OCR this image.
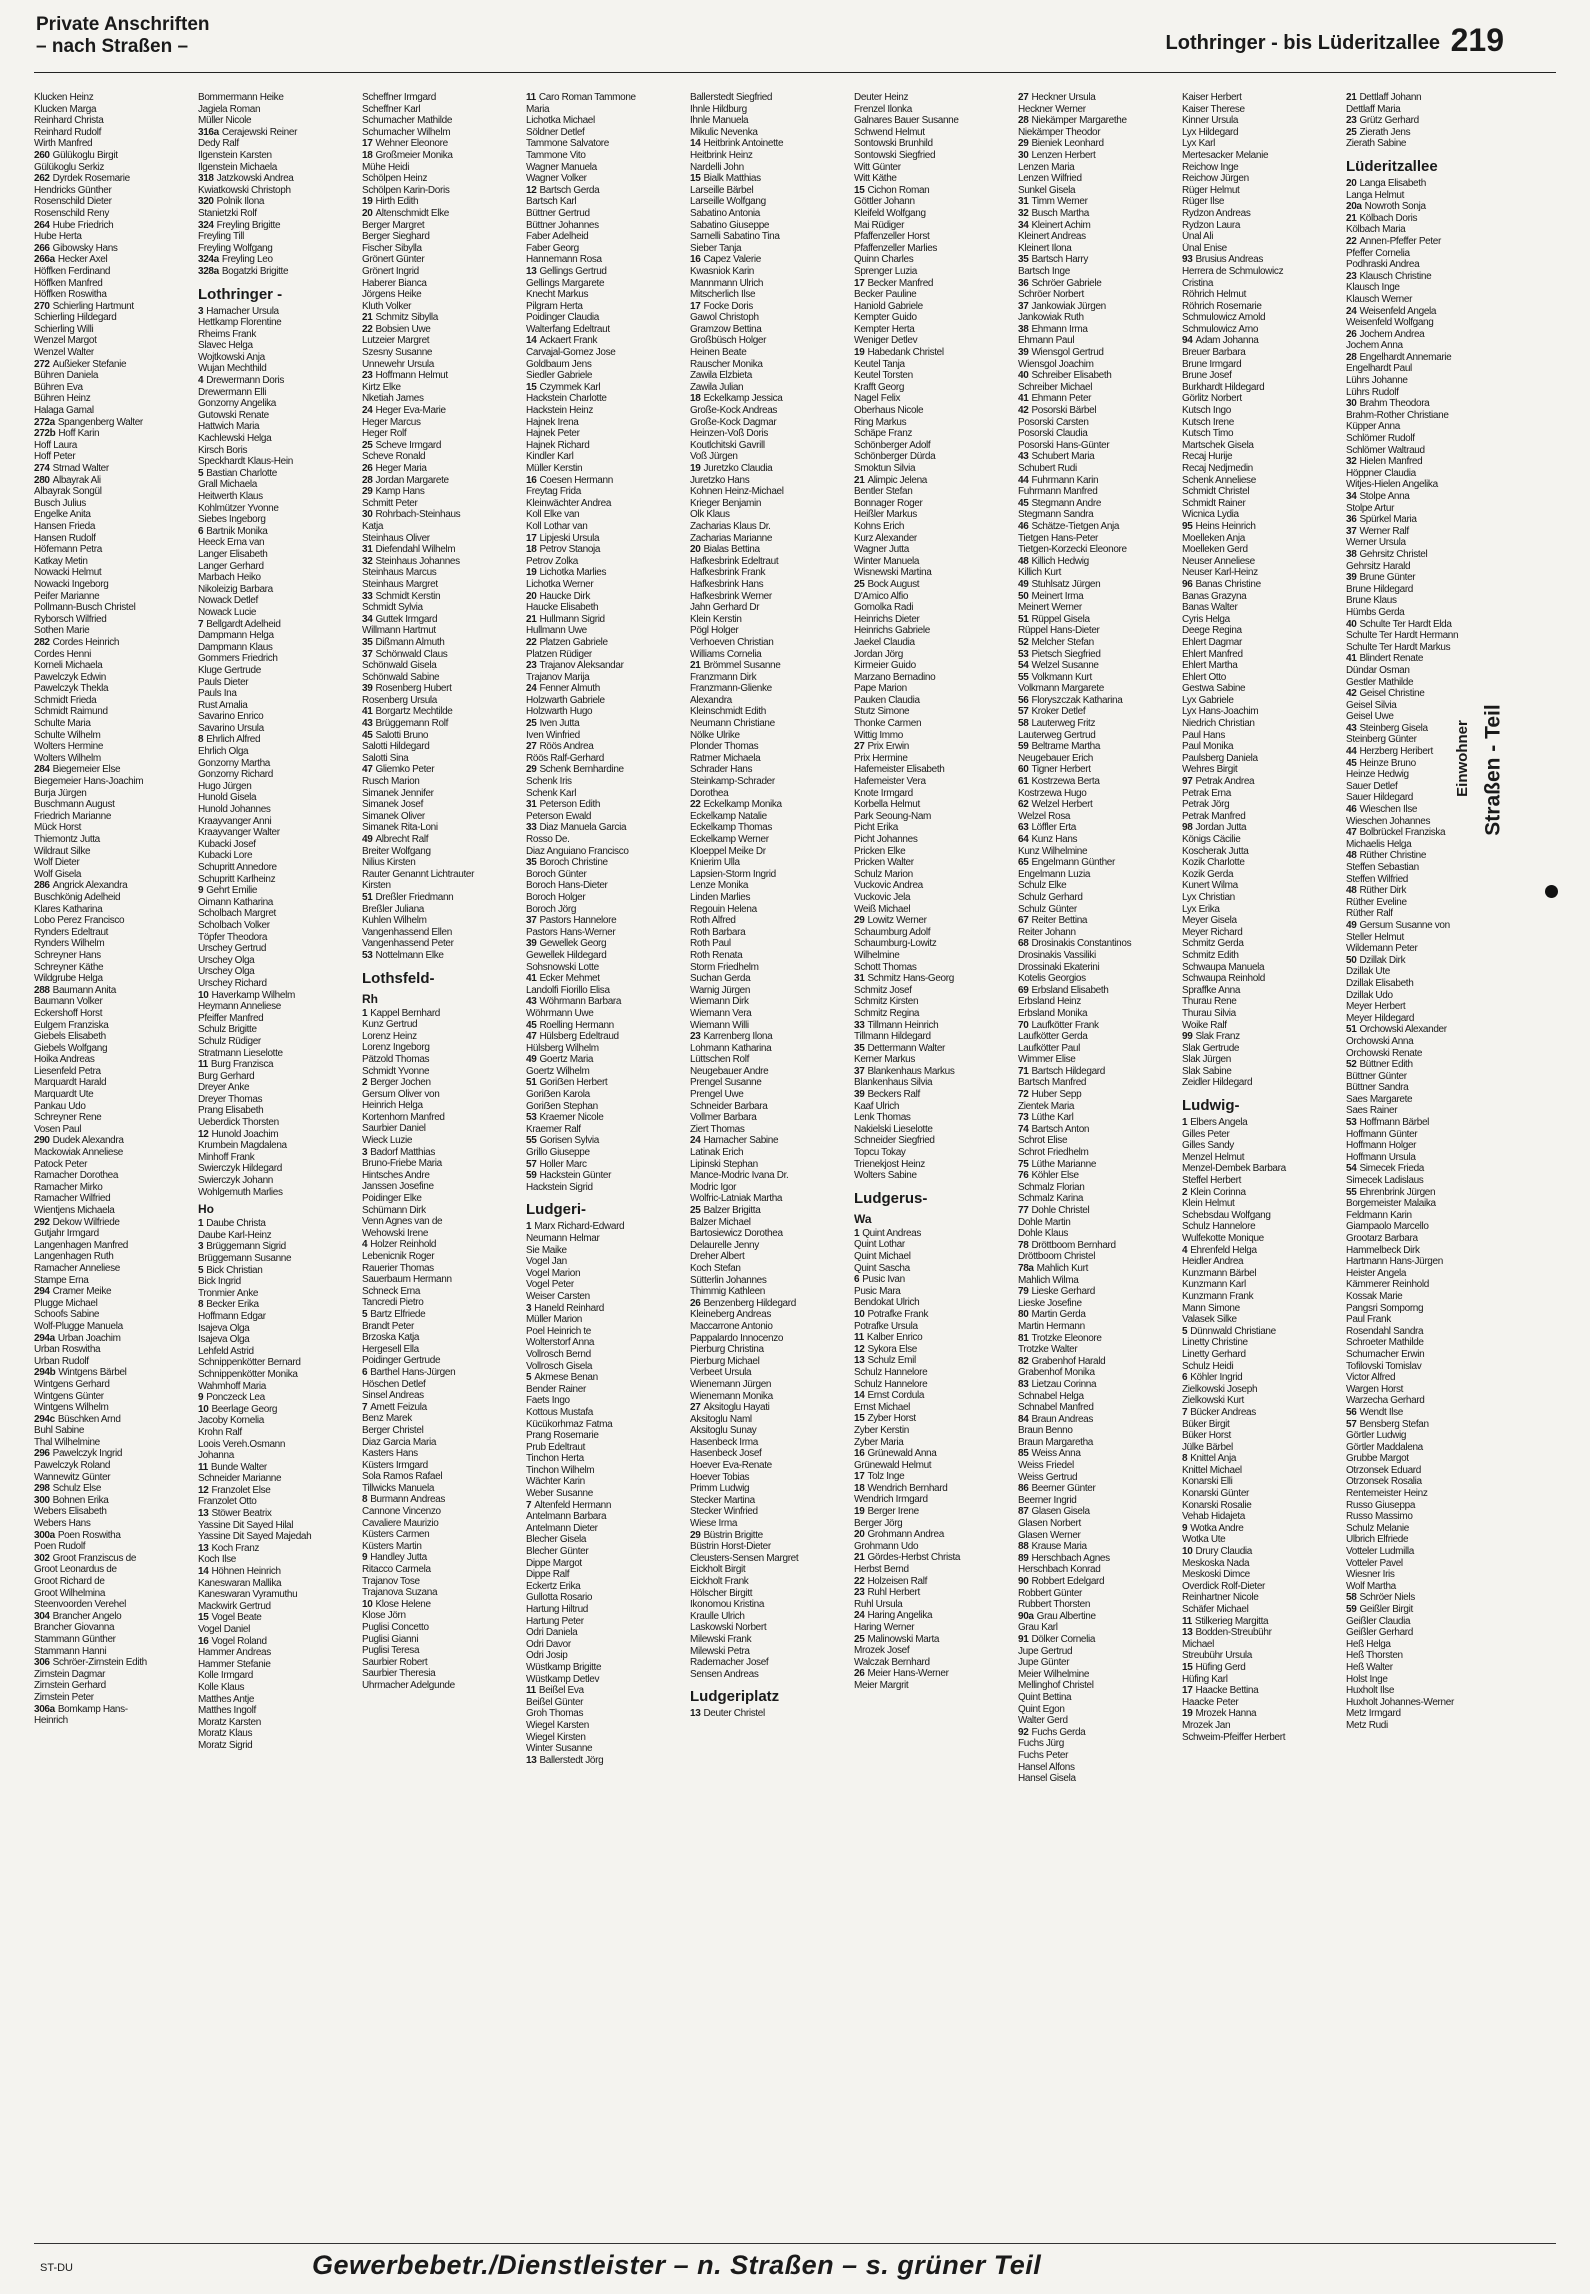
Private Anschriften
– nach Straßen –	Lothringer - bis Lüderitzallee 219
Klucken Heinz
Klucken Marga
Reinhard Christa
Reinhard Rudolf
Wirth Manfred
260 Gülükoglu Birgit
Gülükoglu Serkiz
262 Dyrdek Rosemarie
Hendricks Günther
Rosenschild Dieter
Rosenschild Reny
264 Hube Friedrich
Hube Herta
266 Gibowsky Hans
266a Hecker Axel
Höffken Ferdinand
Höffken Manfred
Höffken Roswitha
270 Schierling Hartmunt
Schierling Hildegard
Schierling Willi
Wenzel Margot
Wenzel Walter
272 Außieker Stefanie
Bühren Daniela
Bühren Eva
Bühren Heinz
Halaga Gamal
272a Spangenberg Walter
272b Hoff Karin
Hoff Laura
Hoff Peter
274 Strnad Walter
280 Albayrak Ali
Albayrak Songül
Busch Julius
Engelke Anita
Hansen Frieda
Hansen Rudolf
Höfemann Petra
Katkay Metin
Nowacki Helmut
Nowacki Ingeborg
Peifer Marianne
Pollmann-Busch Christel
Ryborsch Wilfried
Sothen Marie
282 Cordes Heinrich
Cordes Henni
Korneli Michaela
Pawelczyk Edwin
Pawelczyk Thekla
Schmidt Frieda
Schmidt Raimund
Schulte Maria
Schulte Wilhelm
Wolters Hermine
Wolters Wilhelm
284 Biegemeier Else
Biegemeier Hans-Joachim
Burja Jürgen
Buschmann August
Friedrich Marianne
Mück Horst
Thiemontz Jutta
Wildraut Silke
Wolf Dieter
Wolf Gisela
286 Angrick Alexandra
Buschkönig Adelheid
Klares Katharina
Lobo Perez Francisco
Rynders Edeltraut
Rynders Wilhelm
Schreyner Hans
Schreyner Käthe
Wildgrube Helga
288 Baumann Anita
Baumann Volker
Eckershoff Horst
Eulgem Franziska
Giebels Elisabeth
Giebels Wolfgang
Hoika Andreas
Liesenfeld Petra
Marquardt Harald
Marquardt Ute
Pankau Udo
Schreyner Rene
Vosen Paul
290 Dudek Alexandra
Mackowiak Anneliese
Patock Peter
Ramacher Dorothea
Ramacher Mirko
Ramacher Wilfried
Wientjens Michaela
292 Dekow Wilfriede
Gutjahr Irmgard
Langenhagen Manfred
Langenhagen Ruth
Ramacher Anneliese
Stampe Erna
294 Cramer Meike
Plugge Michael
Schoofs Sabine
Wolf-Plugge Manuela
294a Urban Joachim
Urban Roswitha
Urban Rudolf
294b Wintgens Bärbel
Wintgens Gerhard
Wintgens Günter
Wintgens Wilhelm
294c Büschken Arnd
Buhl Sabine
Thal Wilhelmine
296 Pawelczyk Ingrid
Pawelczyk Roland
Wannewitz Günter
298 Schulz Else
300 Bohnen Erika
Webers Elisabeth
Webers Hans
300a Poen Roswitha
Poen Rudolf
302 Groot Franziscus de
Groot Leonardus de
Groot Richard de
Groot Wilhelmina
Steenvoorden Verehel
304 Brancher Angelo
Brancher Giovanna
Stammann Günther
Stammann Hanni
306 Schröer-Zirnstein Edith
Zirnstein Dagmar
Zirnstein Gerhard
Zirnstein Peter
306a Bomkamp Hans-
Heinrich
Bommermann Heike
Jagiela Roman
Müller Nicole
316a Cerajewski Reiner
Dedy Ralf
Ilgenstein Karsten
Ilgenstein Michaela
318 Jatzkowski Andrea
Kwiatkowski Christoph
320 Polnik Ilona
Stanietzki Rolf
324 Freyling Brigitte
Freyling Till
Freyling Wolfgang
324a Freyling Leo
328a Bogatzki Brigitte
Lothringer -
3 Hamacher Ursula
Hettkamp Florentine
Rheims Frank
Slavec Helga
Wojtkowski Anja
Wujan Mechthild
4 Drewermann Doris
Drewermann Elli
Gonzorny Angelika
Gutowski Renate
Hattwich Maria
Kachlewski Helga
Kirsch Boris
Speckhardt Klaus-Hein
5 Bastian Charlotte
Grall Michaela
Heitwerth Klaus
Kohlmützer Yvonne
Siebes Ingeborg
6 Bartnik Monika
Heeck Erna van
Langer Elisabeth
Langer Gerhard
Marbach Heiko
Nikoleizig Barbara
Nowack Detlef
Nowack Lucie
7 Bellgardt Adelheid
Dampmann Helga
Dampmann Klaus
Gommers Friedrich
Kluge Gertrude
Pauls Dieter
Pauls Ina
Rust Amalia
Savarino Enrico
Savarino Ursula
8 Ehrlich Alfred
Ehrlich Olga
Gonzorny Martha
Gonzorny Richard
Hugo Jürgen
Hunold Gisela
Hunold Johannes
Kraayvanger Anni
Kraayvanger Walter
Kubacki Josef
Kubacki Lore
Schupritt Annedore
Schupritt Karlheinz
9 Gehrt Emilie
Oimann Katharina
Scholbach Margret
Scholbach Volker
Töpfer Theodora
Urschey Gertrud
Urschey Olga
Urschey Olga
Urschey Richard
10 Haverkamp Wilhelm
Heymann Anneliese
Pfeiffer Manfred
Schulz Brigitte
Schulz Rüdiger
Stratmann Lieselotte
11 Burg Franzisca
Burg Gerhard
Dreyer Anke
Dreyer Thomas
Prang Elisabeth
Ueberdick Thorsten
12 Hunold Joachim
Krumbein Magdalena
Minhoff Frank
Swierczyk Hildegard
Swierczyk Johann
Wohlgemuth Marlies
Ho
1 Daube Christa
Daube Karl-Heinz
3 Brüggemann Sigrid
Brüggemann Susanne
5 Bick Christian
Bick Ingrid
Tronmier Anke
8 Becker Erika
Hoffmann Edgar
Isajeva Olga
Isajeva Olga
Lehfeld Astrid
Schnippenkötter Bernard
Schnippenkötter Monika
Wahmhoff Maria
9 Ponczeck Lea
10 Beerlage Georg
Jacoby Kornelia
Krohn Ralf
Loois Vereh.Osmann
Johanna
11 Bunde Walter
Schneider Marianne
12 Franzolet Else
Franzolet Otto
13 Stöwer Beatrix
Yassine Dit Sayed Hilal
Yassine Dit Sayed Majedah
13 Koch Franz
Koch Ilse
14 Höhnen Heinrich
Kaneswaran Mallika
Kaneswaran Vyramuthu
Mackwirk Gertrud
15 Vogel Beate
Vogel Daniel
16 Vogel Roland
Hammer Andreas
Hammer Stefanie
Kolle Irmgard
Kolle Klaus
Matthes Antje
Matthes Ingolf
Moratz Karsten
Moratz Klaus
Moratz Sigrid
Scheffner Irmgard
Scheffner Karl
Schumacher Mathilde
Schumacher Wilhelm
17 Wehner Eleonore
18 Großmeier Monika
Mühe Heidi
Schölpen Heinz
Schölpen Karin-Doris
19 Hirth Edith
20 Altenschmidt Elke
Berger Margret
Berger Sieghard
Fischer Sibylla
Grönert Günter
Grönert Ingrid
Haberer Bianca
Jörgens Heike
Kluth Volker
21 Schmitz Sibylla
22 Bobsien Uwe
Lutzeier Margret
Szesny Susanne
Unnewehr Ursula
23 Hoffmann Helmut
Kirtz Elke
Nketiah James
24 Heger Eva-Marie
Heger Marcus
Heger Rolf
25 Scheve Irmgard
Scheve Ronald
26 Heger Maria
28 Jordan Margarete
29 Kamp Hans
Schmitt Peter
30 Rohrbach-Steinhaus
Katja
Steinhaus Oliver
31 Diefendahl Wilhelm
32 Steinhaus Johannes
Steinhaus Marcus
Steinhaus Margret
33 Schmidt Kerstin
Schmidt Sylvia
34 Guttek Irmgard
Willmann Hartmut
35 Dißmann Almuth
37 Schönwald Claus
Schönwald Gisela
Schönwald Sabine
39 Rosenberg Hubert
Rosenberg Ursula
41 Borgartz Mechtilde
43 Brüggemann Rolf
45 Salotti Bruno
Salotti Hildegard
Salotti Sina
47 Gliemko Peter
Rusch Marion
Simanek Jennifer
Simanek Josef
Simanek Oliver
Simanek Rita-Loni
49 Albrecht Ralf
Breiter Wolfgang
Nilius Kirsten
Rauter Genannt Lichtrauter
Kirsten
51 Dreßler Friedmann
Breßler Juliana
Kuhlen Wilhelm
Vangenhassend Ellen
Vangenhassend Peter
53 Nottelmann Elke
Lothsfeld-
Rh
1 Kappel Bernhard
Kunz Gertrud
Lorenz Heinz
Lorenz Ingeborg
Pätzold Thomas
Schmidt Yvonne
2 Berger Jochen
Gersum Oliver von
Heinrich Helga
Kortenhorn Manfred
Saurbier Daniel
Wieck Luzie
3 Badorf Matthias
Bruno-Friebe Maria
Hintsches Andre
Janssen Josefine
Poidinger Elke
Schümann Dirk
Venn Agnes van de
Wehowski Irene
4 Holzer Reinhold
Lebenicnik Roger
Rauerier Thomas
Sauerbaum Hermann
Schneck Erna
Tancredi Pietro
5 Bartz Elfriede
Brandt Peter
Brzoska Katja
Hergesell Ella
Poidinger Gertrude
6 Barthel Hans-Jürgen
Höschen Detlef
Sinsel Andreas
7 Amett Feizula
Benz Marek
Berger Christel
Diaz Garcia Maria
Kasters Hans
Küsters Irmgard
Sola Ramos Rafael
Tillwicks Manuela
8 Burmann Andreas
Cannone Vincenzo
Cavaliere Maurizio
Küsters Carmen
Küsters Martin
9 Handley Jutta
Ritacco Carmela
Trajanov Tose
Trajanova Suzana
10 Klose Helene
Klose Jörn
Puglisi Concetto
Puglisi Gianni
Puglisi Teresa
Saurbier Robert
Saurbier Theresia
Uhrmacher Adelgunde
11 Caro Roman Tammone
Maria
Lichotka Michael
Söldner Detlef
Tammone Salvatore
Tammone Vito
Wagner Manuela
Wagner Volker
12 Bartsch Gerda
Bartsch Karl
Büttner Gertrud
Büttner Johannes
Faber Adelheid
Faber Georg
Hannemann Rosa
13 Gellings Gertrud
Gellings Margarete
Knecht Markus
Pilgram Herta
Poidinger Claudia
Walterfang Edeltraut
14 Ackaert Frank
Carvajal-Gomez Jose
Goldbaum Jens
Siedler Gabriele
15 Czymmek Karl
Hackstein Charlotte
Hackstein Heinz
Hajnek Irena
Hajnek Peter
Hajnek Richard
Kindler Karl
Müller Kerstin
16 Coesen Hermann
Freytag Frida
Kleinwächter Andrea
Koll Elke van
Koll Lothar van
17 Lipjeski Ursula
18 Petrov Stanoja
Petrov Zolka
19 Lichotka Marlies
Lichotka Werner
20 Haucke Dirk
Haucke Elisabeth
21 Hullmann Sigrid
Hullmann Uwe
22 Platzen Gabriele
Platzen Rüdiger
23 Trajanov Aleksandar
Trajanov Marija
24 Fenner Almuth
Holzwarth Gabriele
Holzwarth Hugo
25 Iven Jutta
Iven Winfried
27 Röös Andrea
Röös Ralf-Gerhard
29 Schenk Bernhardine
Schenk Iris
Schenk Karl
31 Peterson Edith
Peterson Ewald
33 Diaz Manuela Garcia
Rosso De.
Diaz Anguiano Francisco
35 Boroch Christine
Boroch Günter
Boroch Hans-Dieter
Boroch Holger
Boroch Jörg
37 Pastors Hannelore
Pastors Hans-Werner
39 Gewellek Georg
Gewellek Hildegard
Sohsnowski Lotte
41 Ecker Mehmet
Landolfi Fiorillo Elisa
43 Wöhrmann Barbara
Wöhrmann Uwe
45 Roelling Hermann
47 Hülsberg Edeltraud
Hülsberg Wilhelm
49 Goertz Maria
Goertz Wilhelm
51 Goriẞen Herbert
Goriẞen Karola
Goriẞen Stephan
53 Kraemer Nicole
Kraemer Ralf
55 Gorisen Sylvia
Grillo Giuseppe
57 Holler Marc
59 Hackstein Günter
Hackstein Sigrid
Ludgeri-
1 Marx Richard-Edward
Neumann Helmar
Sie Maike
Vogel Jan
Vogel Marion
Vogel Peter
Weiser Carsten
3 Haneld Reinhard
Müller Marion
Poel Heinrich te
Wolterstorf Anna
Vollrosch Bernd
Vollrosch Gisela
5 Akmese Benan
Bender Rainer
Faets Ingo
Kottous Mustafa
Kücükorhmaz Fatma
Prang Rosemarie
Prub Edeltraut
Tinchon Herta
Tinchon Wilhelm
Wächter Karin
Weber Susanne
7 Altenfeld Hermann
Antelmann Barbara
Antelmann Dieter
Blecher Gisela
Blecher Günter
Dippe Margot
Dippe Ralf
Eckertz Erika
Gullotta Rosario
Hartung Hiltrud
Hartung Peter
Odri Daniela
Odri Davor
Odri Josip
Wüstkamp Brigitte
Wüstkamp Detlev
11 Beißel Eva
Beißel Günter
Groh Thomas
Wiegel Karsten
Wiegel Kirsten
Winter Susanne
13 Ballerstedt Jörg
Ballerstedt Siegfried
Ihnle Hildburg
Ihnle Manuela
Mikulic Nevenka
14 Heitbrink Antoinette
Heitbrink Heinz
Nardelli John
15 Bialk Matthias
Larseille Bärbel
Larseille Wolfgang
Sabatino Antonia
Sabatino Giuseppe
Sarnelli Sabatino Tina
Sieber Tanja
16 Capez Valerie
Kwasniok Karin
Mannmann Ulrich
Mitscherlich Ilse
17 Focke Doris
Gawol Christoph
Gramzow Bettina
Großbüsch Holger
Heinen Beate
Rauscher Monika
Zawila Elzbieta
Zawila Julian
18 Eckelkamp Jessica
Große-Kock Andreas
Große-Kock Dagmar
Heinzen-Voß Doris
Koutlchitski Gavrill
Voß Jürgen
19 Juretzko Claudia
Juretzko Hans
Kohnen Heinz-Michael
Krieger Benjamin
Olk Klaus
Zacharias Klaus Dr.
Zacharias Marianne
20 Bialas Bettina
Hafkesbrink Edeltraut
Hafkesbrink Frank
Hafkesbrink Hans
Hafkesbrink Werner
Jahn Gerhard Dr
Klein Kerstin
Pögl Holger
Verhoeven Christian
Williams Cornelia
21 Brömmel Susanne
Franzmann Dirk
Franzmann-Glienke
Alexandra
Kleinschmidt Edith
Neumann Christiane
Nölke Ulrike
Plonder Thomas
Ratmer Michaela
Schrader Hans
Steinkamp-Schrader
Dorothea
22 Eckelkamp Monika
Eckelkamp Natalie
Eckelkamp Thomas
Eckelkamp Werner
Kloeppel Meike Dr
Knierim Ulla
Lapsien-Storm Ingrid
Lenze Monika
Linden Marlies
Regouin Helena
Roth Alfred
Roth Barbara
Roth Paul
Roth Renata
Storm Friedhelm
Suchan Gerda
Warnig Jürgen
Wiemann Dirk
Wiemann Vera
Wiemann Willi
23 Karrenberg Ilona
Lohmann Katharina
Lüttschen Rolf
Neugebauer Andre
Prengel Susanne
Prengel Uwe
Schneider Barbara
Vollmer Barbara
Ziert Thomas
24 Hamacher Sabine
Latinak Erich
Lipinski Stephan
Mance-Modric Ivana Dr.
Modric Igor
Wolfric-Latniak Martha
25 Balzer Brigitta
Balzer Michael
Bartosiewicz Dorothea
Delaurelle Jenny
Dreher Albert
Koch Stefan
Sütterlin Johannes
Thimmig Kathleen
26 Benzenberg Hildegard
Kleineberg Andreas
Maccarrone Antonio
Pappalardo Innocenzo
Pierburg Christina
Pierburg Michael
Verbeet Ursula
Wienemann Jürgen
Wienemann Monika
27 Aksitoglu Hayati
Aksitoglu Naml
Aksitoglu Sunay
Hasenbeck Irma
Hasenbeck Josef
Hoever Eva-Renate
Hoever Tobias
Primm Ludwig
Stecker Martina
Stecker Winfried
Wiese Irma
29 Büstrin Brigitte
Büstrin Horst-Dieter
Cleusters-Sensen Margret
Eickholt Birgit
Eickholt Frank
Hölscher Birgitt
Ikonomou Kristina
Kraulle Ulrich
Laskowski Norbert
Milewski Frank
Milewski Petra
Rademacher Josef
Sensen Andreas
Ludgeriplatz
13 Deuter Christel
Deuter Heinz
Frenzel Ilonka
Galnares Bauer Susanne
Schwend Helmut
Sontowski Brunhild
Sontowski Siegfried
Witt Günter
Witt Käthe
15 Cichon Roman
Göttler Johann
Kleifeld Wolfgang
Mai Rüdiger
Pfaffenzeller Horst
Pfaffenzeller Marlies
Quinn Charles
Sprenger Luzia
17 Becker Manfred
Becker Pauline
Haniold Gabriele
Kempter Guido
Kempter Herta
Weniger Detlev
19 Habedank Christel
Keutel Tanja
Keutel Torsten
Krafft Georg
Nagel Felix
Oberhaus Nicole
Ring Markus
Schäpe Franz
Schönberger Adolf
Schönberger Dürda
Smoktun Silvia
21 Alimpic Jelena
Bentler Stefan
Bonnager Roger
Heißler Markus
Kohns Erich
Kurz Alexander
Wagner Jutta
Winter Manuela
Wisnewski Martina
25 Bock August
D'Amico Alfio
Gomolka Radi
Heinrichs Dieter
Heinrichs Gabriele
Jaekel Claudia
Jordan Jörg
Kirmeier Guido
Marzano Bernadino
Pape Marion
Pauken Claudia
Stutz Simone
Thonke Carmen
Wittig Immo
27 Prix Erwin
Prix Hermine
Hafemeister Elisabeth
Hafemeister Vera
Knote Irmgard
Korbella Helmut
Park Seoung-Nam
Picht Erika
Picht Johannes
Pricken Elke
Pricken Walter
Schulz Marion
Vuckovic Andrea
Vuckovic Jela
Weiß Michael
29 Lowitz Werner
Schaumburg Adolf
Schaumburg-Lowitz
Wilhelmine
Schott Thomas
31 Schmitz Hans-Georg
Schmitz Josef
Schmitz Kirsten
Schmitz Regina
33 Tillmann Heinrich
Tillmann Hildegard
35 Dettermann Walter
Kerner Markus
37 Blankenhaus Markus
Blankenhaus Silvia
39 Beckers Ralf
Kaaf Ulrich
Lenk Thomas
Nakielski Lieselotte
Schneider Siegfried
Topcu Tokay
Trienekjost Heinz
Wolters Sabine
Ludgerus-
Wa
1 Quint Andreas
Quint Lothar
Quint Michael
Quint Sascha
6 Pusic Ivan
Pusic Mara
Bendokat Ulrich
10 Potrafke Frank
Potrafke Ursula
11 Kalber Enrico
12 Sykora Else
13 Schulz Emil
Schulz Hannelore
Schulz Hannelore
14 Ernst Cordula
Ernst Michael
15 Zyber Horst
Zyber Kerstin
Zyber Maria
16 Grünewald Anna
Grünewald Helmut
17 Tolz Inge
18 Wendrich Bernhard
Wendrich Irmgard
19 Berger Irene
Berger Jörg
20 Grohmann Andrea
Grohmann Udo
21 Gördes-Herbst Christa
Herbst Bernd
22 Holzeisen Ralf
23 Ruhl Herbert
Ruhl Ursula
24 Haring Angelika
Haring Werner
25 Malinowski Marta
Mrozek Josef
Walczak Bernhard
26 Meier Hans-Werner
Meier Margrit
27 Heckner Ursula
Heckner Werner
28 Niekämper Margarethe
Niekämper Theodor
29 Bieniek Leonhard
30 Lenzen Herbert
Lenzen Maria
Lenzen Wilfried
Sunkel Gisela
31 Timm Werner
32 Busch Martha
34 Kleinert Achim
Kleinert Andreas
Kleinert Ilona
35 Bartsch Harry
Bartsch Inge
36 Schröer Gabriele
Schröer Norbert
37 Jankowiak Jürgen
Jankowiak Ruth
38 Ehmann Irma
Ehmann Paul
39 Wiensgol Gertrud
Wiensgol Joachim
40 Schreiber Elisabeth
Schreiber Michael
41 Ehmann Peter
42 Posorski Bärbel
Posorski Carsten
Posorski Claudia
Posorski Hans-Günter
43 Schubert Maria
Schubert Rudi
44 Fuhrmann Karin
Fuhrmann Manfred
45 Stegmann Andre
Stegmann Sandra
46 Schätze-Tietgen Anja
Tietgen Hans-Peter
Tietgen-Korzecki Eleonore
48 Killich Hedwig
Killich Kurt
49 Stuhlsatz Jürgen
50 Meinert Irma
Meinert Werner
51 Rüppel Gisela
Rüppel Hans-Dieter
52 Melcher Stefan
53 Pietsch Siegfried
54 Welzel Susanne
55 Volkmann Kurt
Volkmann Margarete
56 Floryszczak Katharina
57 Kroker Detlef
58 Lauterweg Fritz
Lauterweg Gertrud
59 Beltrame Martha
Neugebauer Erich
60 Tigner Herbert
61 Kostrzewa Berta
Kostrzewa Hugo
62 Welzel Herbert
Welzel Rosa
63 Löffler Erta
64 Kunz Hans
Kunz Wilhelmine
65 Engelmann Günther
Engelmann Luzia
Schulz Elke
Schulz Gerhard
Schulz Günter
67 Reiter Bettina
Reiter Johann
68 Drosinakis Constantinos
Drosinakis Vassiliki
Drossinaki Ekaterini
Kotelis Georgios
69 Erbsland Elisabeth
Erbsland Heinz
Erbsland Monika
70 Laufkötter Frank
Laufkötter Gerda
Laufkötter Paul
Wimmer Elise
71 Bartsch Hildegard
Bartsch Manfred
72 Huber Sepp
Zientek Maria
73 Lüthe Karl
74 Bartsch Anton
Schrot Elise
Schrot Friedhelm
75 Lüthe Marianne
76 Köhler Else
Schmalz Florian
Schmalz Karina
77 Dohle Christel
Dohle Martin
Dohle Klaus
78 Dröttboom Bernhard
Dröttboom Christel
78a Mahlich Kurt
Mahlich Wilma
79 Lieske Gerhard
Lieske Josefine
80 Martin Gerda
Martin Hermann
81 Trotzke Eleonore
Trotzke Walter
82 Grabenhof Harald
Grabenhof Monika
83 Lietzau Corinna
Schnabel Helga
Schnabel Manfred
84 Braun Andreas
Braun Benno
Braun Margaretha
85 Weiss Anna
Weiss Friedel
Weiss Gertrud
86 Beerner Günter
Beerner Ingrid
87 Glasen Gisela
Glasen Norbert
Glasen Werner
88 Krause Maria
89 Herschbach Agnes
Herschbach Konrad
90 Robbert Edelgard
Robbert Günter
Rubbert Thorsten
90a Grau Albertine
Grau Karl
91 Dölker Cornelia
Jupe Gertrud
Jupe Günter
Meier Wilhelmine
Mellinghof Christel
Quint Bettina
Quint Egon
Walter Gerd
92 Fuchs Gerda
Fuchs Jürg
Fuchs Peter
Hansel Alfons
Hansel Gisela
Kaiser Herbert
Kaiser Therese
Kinner Ursula
Lyx Hildegard
Lyx Karl
Mertesacker Melanie
Reichow Inge
Reichow Jürgen
Rüger Helmut
Rüger Ilse
Rydzon Andreas
Rydzon Laura
Ünal Ali
Ünal Enise
93 Brusius Andreas
Herrera de Schmulowicz
Cristina
Röhrich Helmut
Röhrich Rosemarie
Schmulowicz Arnold
Schmulowicz Arno
94 Adam Johanna
Breuer Barbara
Brune Irmgard
Brune Josef
Burkhardt Hildegard
Görlitz Norbert
Kutsch Ingo
Kutsch Irene
Kutsch Timo
Martschek Gisela
Recaj Hurije
Recaj Nedjmedin
Schenk Anneliese
Schmidt Christel
Schmidt Rainer
Wicnica Lydia
95 Heins Heinrich
Moelleken Anja
Moelleken Gerd
Neuser Anneliese
Neuser Karl-Heinz
96 Banas Christine
Banas Grazyna
Banas Walter
Cyris Helga
Deege Regina
Ehlert Dagmar
Ehlert Manfred
Ehlert Martha
Ehlert Otto
Gestwa Sabine
Lyx Gabriele
Lyx Hans-Joachim
Niedrich Christian
Paul Hans
Paul Monika
Paulsberg Daniela
Wehres Birgit
97 Petrak Andrea
Petrak Erna
Petrak Jörg
Petrak Manfred
98 Jordan Jutta
Königs Cäcilie
Koscherak Jutta
Kozik Charlotte
Kozik Gerda
Kunert Wilma
Lyx Christian
Lyx Erika
Meyer Gisela
Meyer Richard
Schmitz Gerda
Schmitz Edith
Schwaupa Manuela
Schwaupa Reinhold
Spraffke Anna
Thurau Rene
Thurau Silvia
Woike Ralf
99 Slak Franz
Slak Gertrude
Slak Jürgen
Slak Sabine
Zeidler Hildegard
Ludwig-
1 Elbers Angela
Gilles Peter
Gilles Sandy
Menzel Helmut
Menzel-Dembek Barbara
Steffel Herbert
2 Klein Corinna
Klein Helmut
Schebsdau Wolfgang
Schulz Hannelore
Wulfekotte Monique
4 Ehrenfeld Helga
Heidler Andrea
Kunzmann Bärbel
Kunzmann Karl
Kunzmann Frank
Mann Simone
Valasek Silke
5 Dünnwald Christiane
Linetty Christine
Linetty Gerhard
Schulz Heidi
6 Köhler Ingrid
Zielkowski Joseph
Zielkowski Kurt
7 Bücker Andreas
Büker Birgit
Büker Horst
Jülke Bärbel
8 Knittel Anja
Knittel Michael
Konarski Elli
Konarski Günter
Konarski Rosalie
Vehab Hidajeta
9 Wotka Andre
Wotka Ute
10 Drury Claudia
Meskoska Nada
Meskoski Dimce
Overdick Rolf-Dieter
Reinhartner Nicole
Schäfer Michael
11 Stilkerieg Margitta
13 Bodden-Streubühr
Michael
Streubühr Ursula
15 Hüfing Gerd
Hüfing Karl
17 Haacke Bettina
Haacke Peter
19 Mrozek Hanna
Mrozek Jan
Schweim-Pfeiffer Herbert
21 Dettlaff Johann
Dettlaff Maria
23 Grütz Gerhard
25 Zierath Jens
Zierath Sabine
Lüderitzallee
20 Langa Elisabeth
Langa Helmut
20a Nowroth Sonja
21 Kölbach Doris
Kölbach Maria
22 Annen-Pfeffer Peter
Pfeffer Cornelia
Podhraski Andrea
23 Klausch Christine
Klausch Inge
Klausch Werner
24 Weisenfeld Angela
Weisenfeld Wolfgang
26 Jochem Andrea
Jochem Anna
28 Engelhardt Annemarie
Engelhardt Paul
Lührs Johanne
Lührs Rudolf
30 Brahm Theodora
Brahm-Rother Christiane
Küpper Anna
Schlömer Rudolf
Schlömer Waltraud
32 Hielen Manfred
Höppner Claudia
Witjes-Hielen Angelika
34 Stolpe Anna
Stolpe Artur
36 Spürkel Maria
37 Werner Ralf
Werner Ursula
38 Gehrsitz Christel
Gehrsitz Harald
39 Brune Günter
Brune Hildegard
Brune Klaus
Hümbs Gerda
40 Schulte Ter Hardt Elda
Schulte Ter Hardt Hermann
Schulte Ter Hardt Markus
41 Blindert Renate
Dündar Osman
Gestler Mathilde
42 Geisel Christine
Geisel Silvia
Geisel Uwe
43 Steinberg Gisela
Steinberg Günter
44 Herzberg Heribert
45 Heinze Bruno
Heinze Hedwig
Sauer Detlef
Sauer Hildegard
46 Wieschen Ilse
Wieschen Johannes
47 Bolbrückel Franziska
Michaelis Helga
48 Rüther Christine
Steffen Sebastian
Steffen Wilfried
48 Rüther Dirk
Rüther Eveline
Rüther Ralf
49 Gersum Susanne von
Steller Helmut
Wildemann Peter
50 Dzillak Dirk
Dzillak Ute
Dzillak Elisabeth
Dzillak Udo
Meyer Herbert
Meyer Hildegard
51 Orchowski Alexander
Orchowski Anna
Orchowski Renate
52 Büttner Edith
Büttner Günter
Büttner Sandra
Saes Margarete
Saes Rainer
53 Hoffmann Bärbel
Hoffmann Günter
Hoffmann Holger
Hoffmann Ursula
54 Simecek Frieda
Simecek Ladislaus
55 Ehrenbrink Jürgen
Borgemeister Malaika
Feldmann Karin
Giampaolo Marcello
Grootarz Barbara
Hammelbeck Dirk
Hartmann Hans-Jürgen
Heister Angela
Kämmerer Reinhold
Kossak Marie
Pangsri Somporng
Paul Frank
Rosendahl Sandra
Schroeter Mathilde
Schumacher Erwin
Tofilovski Tomislav
Victor Alfred
Wargen Horst
Warzecha Gerhard
56 Wendt Ilse
57 Bensberg Stefan
Görtler Ludwig
Görtler Maddalena
Grubbe Margot
Otrzonsek Eduard
Otrzonsek Rosalia
Rentemeister Heinz
Russo Giuseppa
Russo Massimo
Schulz Melanie
Ulbrich Elfriede
Votteler Ludmilla
Votteler Pavel
Wiesner Iris
Wolf Martha
58 Schröer Niels
59 Geißler Birgit
Geißler Claudia
Geißler Gerhard
Heß Helga
Heß Thorsten
Heß Walter
Holst Inge
Huxholt Ilse
Huxholt Johannes-Werner
Metz Irmgard
Metz Rudi
Einwohner Straßen - Teil
ST-DU	Gewerbebetr./Dienstleister – n. Straßen – s. grüner Teil
